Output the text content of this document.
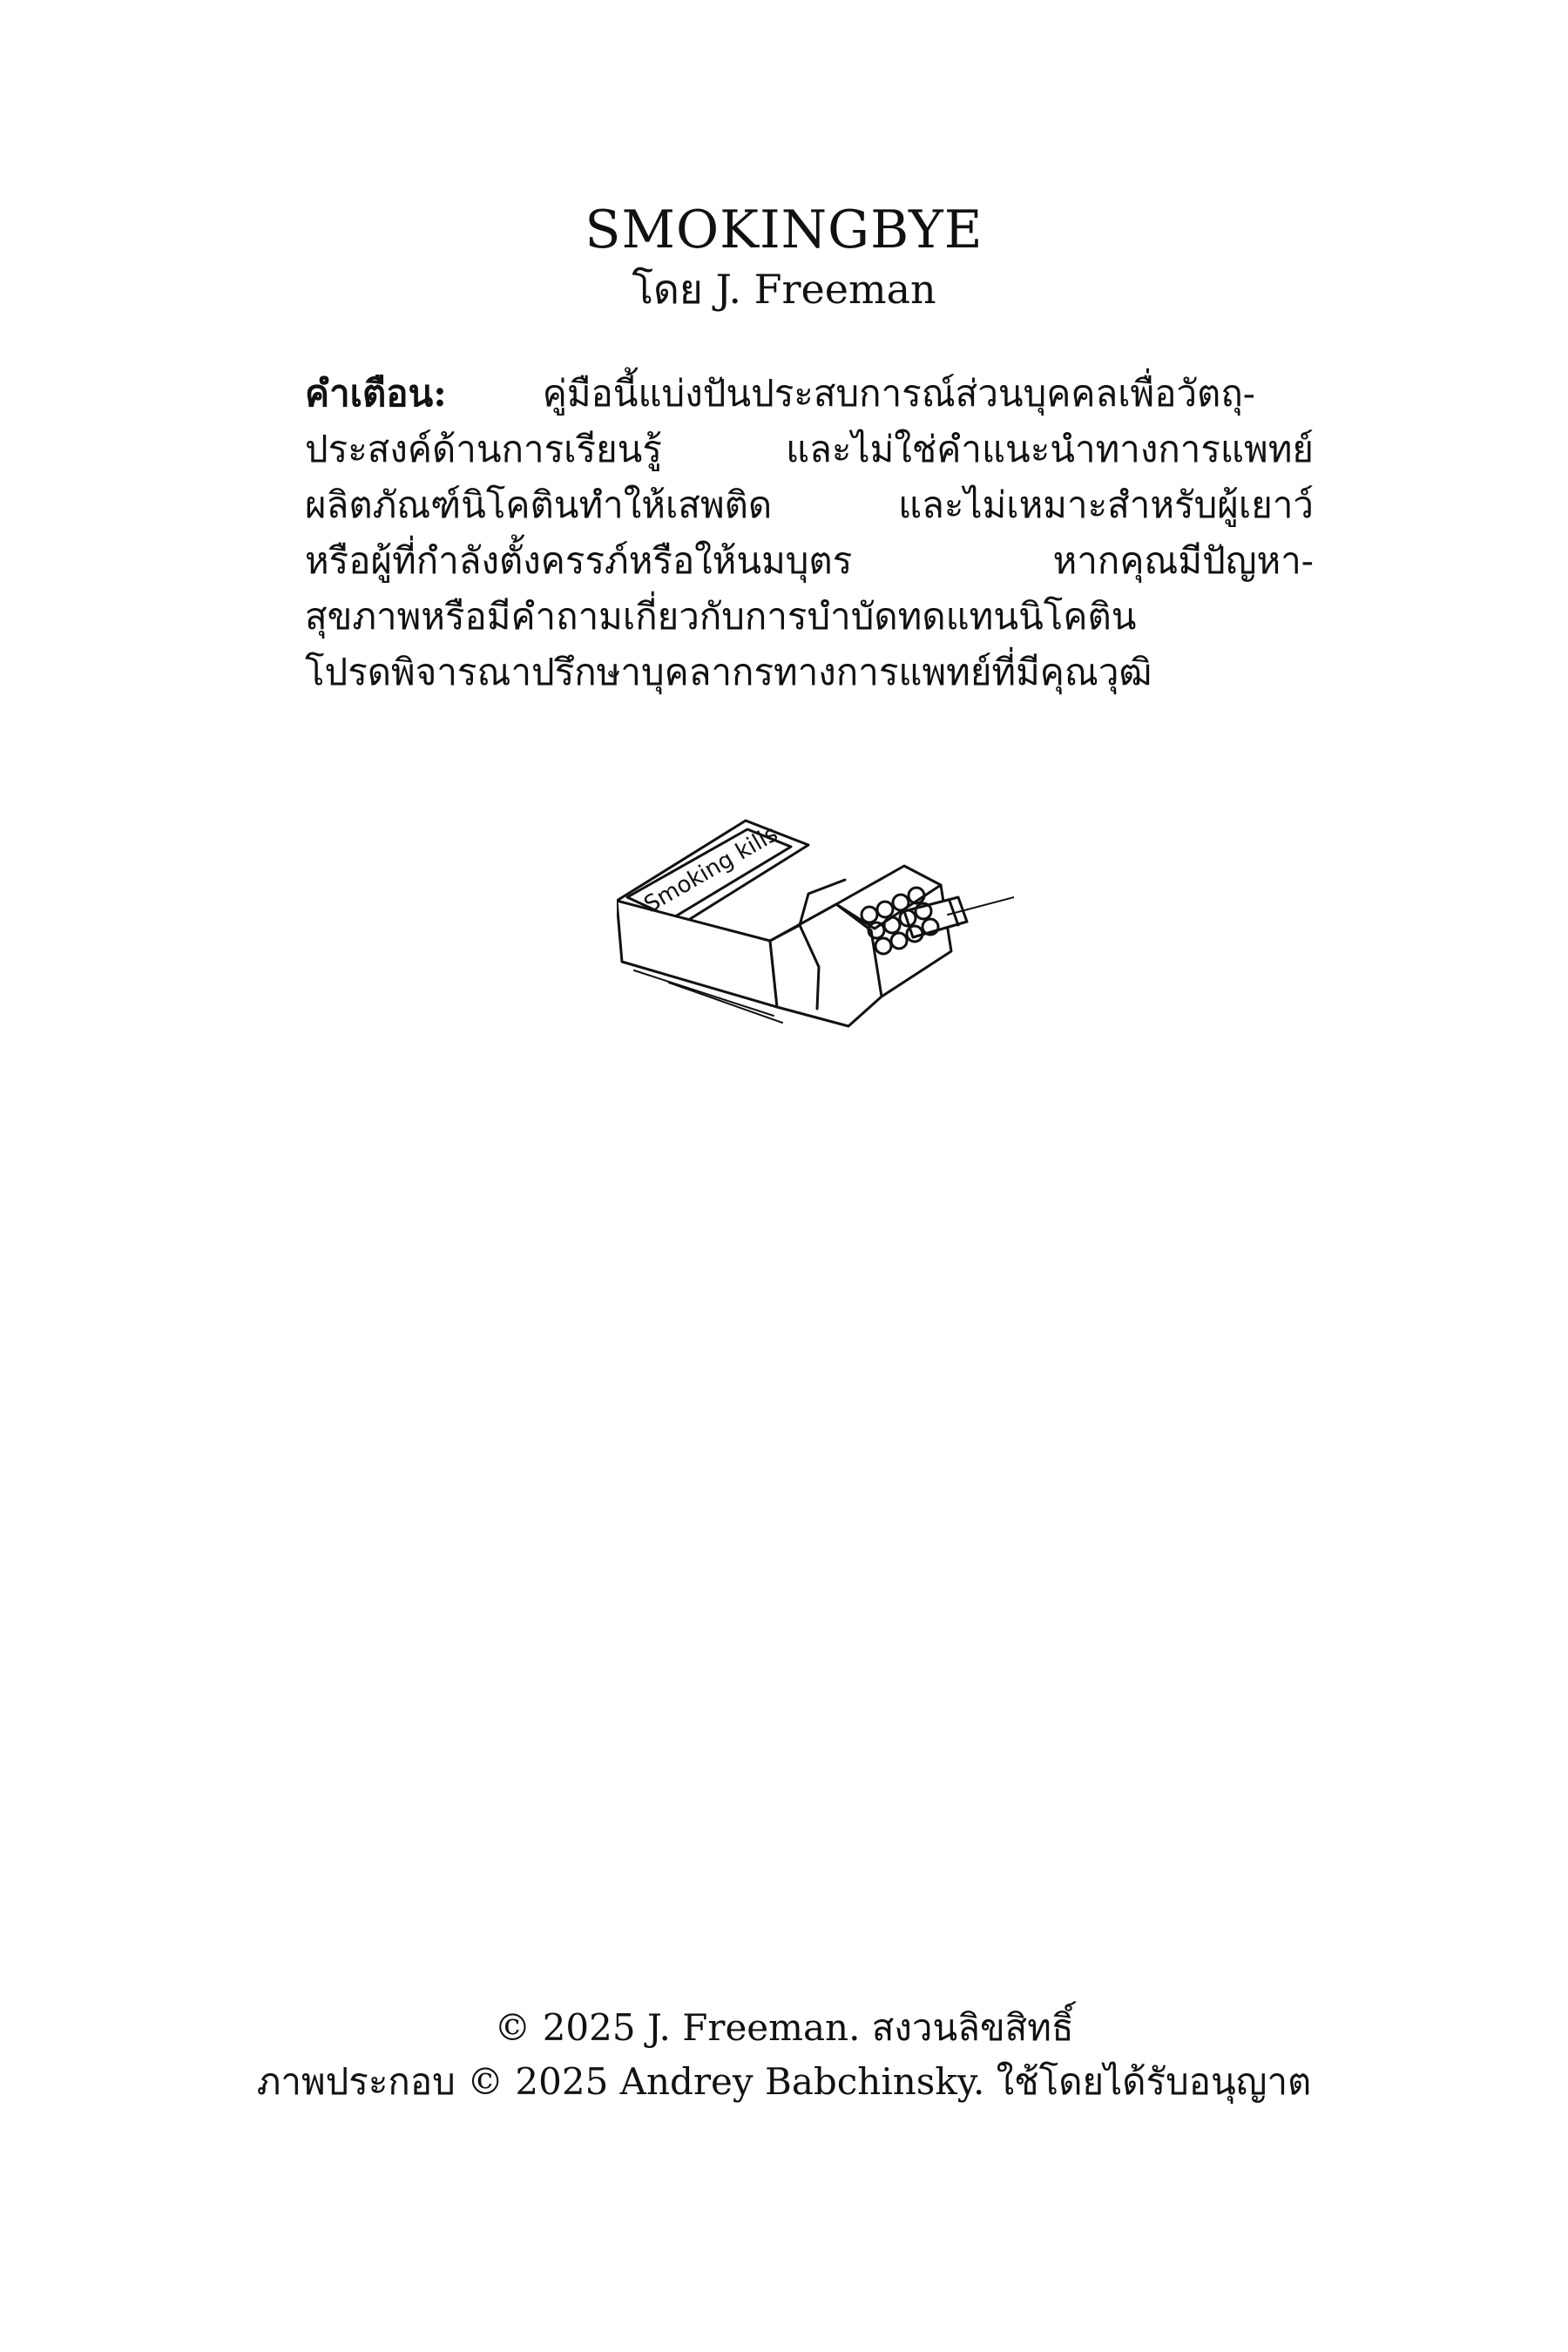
SMOKINGBYE
โดย J. Freeman
คำเตือน:	คู่มือนี้แบ่งปันประสบการณ์ส่วนบุคคลเพื่อวัตถุ-
ประสงค์ด้านการเรียนรู้ และไม่ใช่คำแนะนำทางการแพทย์
ผลิตภัณฑ์นิโคตินทำให้เสพติด และไม่เหมาะสำหรับผู้เยาว์
หรือผู้ที่กำลังตั้งครรภ์หรือให้นมบุตร หากคุณมีปัญหา-
สุขภาพหรือมีคำถามเกี่ยวกับการบำบัดทดแทนนิโคติน
โปรดพิจารณาปรึกษาบุคลากรทางการแพทย์ที่มีคุณวุฒิ
Smoking kills
© 2025 J. Freeman. สงวนลิขสิทธิ์
ภาพประกอบ © 2025 Andrey Babchinsky. ใช้โดยได้รับอนุญาต
